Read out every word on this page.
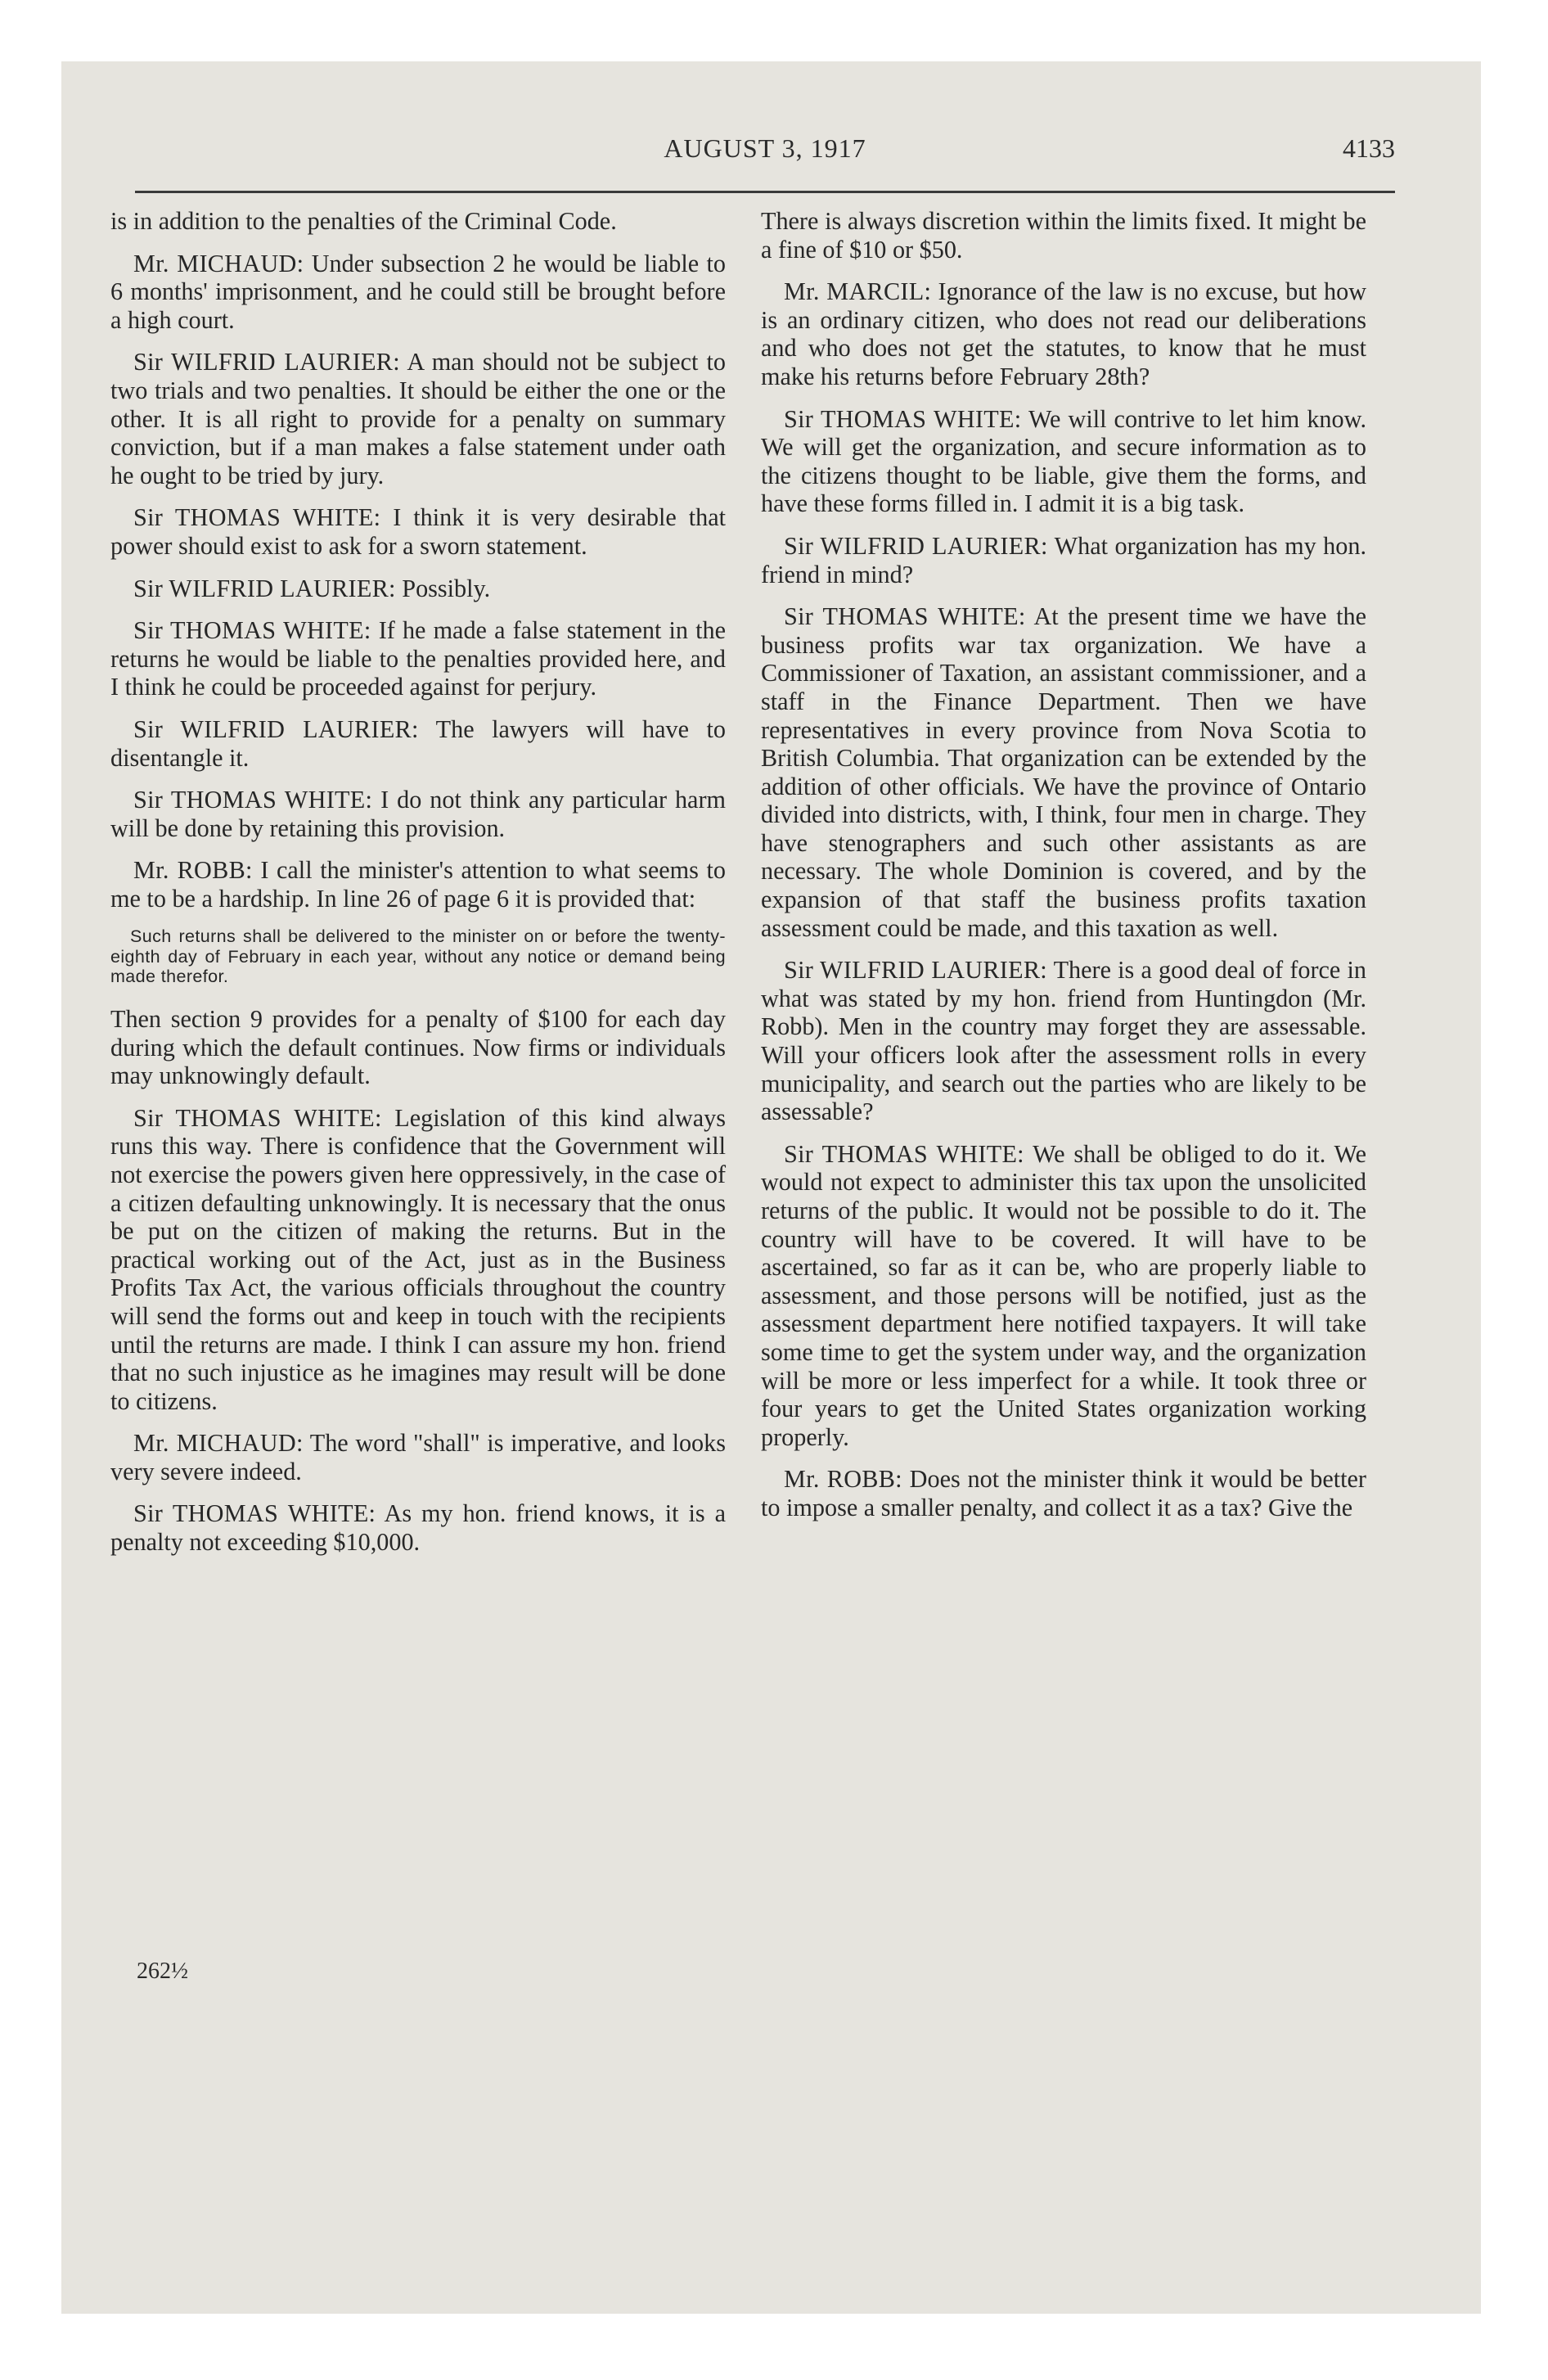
AUGUST 3, 1917	4133

is in addition to the penalties of the Criminal Code.

Mr. MICHAUD: Under subsection 2 he would be liable to 6 months' imprisonment, and he could still be brought before a high court.

Sir WILFRID LAURIER: A man should not be subject to two trials and two penalties. It should be either the one or the other. It is all right to provide for a penalty on summary conviction, but if a man makes a false statement under oath he ought to be tried by jury.

Sir THOMAS WHITE: I think it is very desirable that power should exist to ask for a sworn statement.

Sir WILFRID LAURIER: Possibly.

Sir THOMAS WHITE: If he made a false statement in the returns he would be liable to the penalties provided here, and I think he could be proceeded against for perjury.

Sir WILFRID LAURIER: The lawyers will have to disentangle it.

Sir THOMAS WHITE: I do not think any particular harm will be done by retaining this provision.

Mr. ROBB: I call the minister's attention to what seems to me to be a hardship. In line 26 of page 6 it is provided that:

Such returns shall be delivered to the minister on or before the twenty-eighth day of February in each year, without any notice or demand being made therefor.

Then section 9 provides for a penalty of $100 for each day during which the default continues. Now firms or individuals may unknowingly default.

Sir THOMAS WHITE: Legislation of this kind always runs this way. There is confidence that the Government will not exercise the powers given here oppressively, in the case of a citizen defaulting unknowingly. It is necessary that the onus be put on the citizen of making the returns. But in the practical working out of the Act, just as in the Business Profits Tax Act, the various officials throughout the country will send the forms out and keep in touch with the recipients until the returns are made. I think I can assure my hon. friend that no such injustice as he imagines may result will be done to citizens.

Mr. MICHAUD: The word "shall" is imperative, and looks very severe indeed.

Sir THOMAS WHITE: As my hon. friend knows, it is a penalty not exceeding $10,000.

There is always discretion within the limits fixed. It might be a fine of $10 or $50.

Mr. MARCIL: Ignorance of the law is no excuse, but how is an ordinary citizen, who does not read our deliberations and who does not get the statutes, to know that he must make his returns before February 28th?

Sir THOMAS WHITE: We will contrive to let him know. We will get the organization, and secure information as to the citizens thought to be liable, give them the forms, and have these forms filled in. I admit it is a big task.

Sir WILFRID LAURIER: What organization has my hon. friend in mind?

Sir THOMAS WHITE: At the present time we have the business profits war tax organization. We have a Commissioner of Taxation, an assistant commissioner, and a staff in the Finance Department. Then we have representatives in every province from Nova Scotia to British Columbia. That organization can be extended by the addition of other officials. We have the province of Ontario divided into districts, with, I think, four men in charge. They have stenographers and such other assistants as are necessary. The whole Dominion is covered, and by the expansion of that staff the business profits taxation assessment could be made, and this taxation as well.

Sir WILFRID LAURIER: There is a good deal of force in what was stated by my hon. friend from Huntingdon (Mr. Robb). Men in the country may forget they are assessable. Will your officers look after the assessment rolls in every municipality, and search out the parties who are likely to be assessable?

Sir THOMAS WHITE: We shall be obliged to do it. We would not expect to administer this tax upon the unsolicited returns of the public. It would not be possible to do it. The country will have to be covered. It will have to be ascertained, so far as it can be, who are properly liable to assessment, and those persons will be notified, just as the assessment department here notified taxpayers. It will take some time to get the system under way, and the organization will be more or less imperfect for a while. It took three or four years to get the United States organization working properly.

Mr. ROBB: Does not the minister think it would be better to impose a smaller penalty, and collect it as a tax? Give the

262½
